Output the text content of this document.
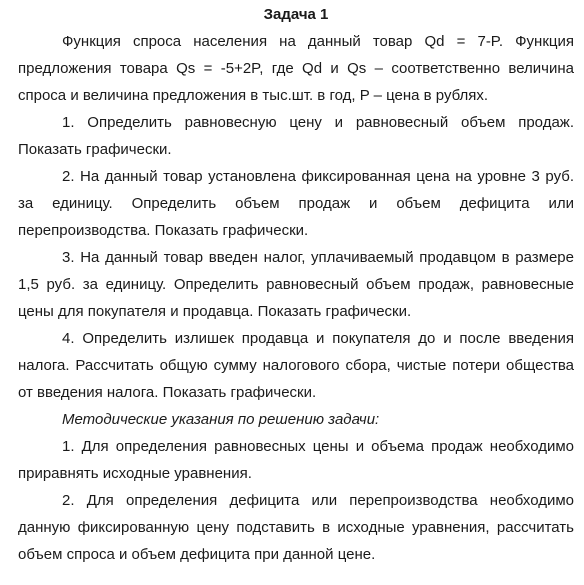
Задача 1

Функция спроса населения на данный товар Qd = 7-P. Функция предложения товара Qs = -5+2P, где Qd и Qs – соответственно величина спроса и величина предложения в тыс.шт. в год, P – цена в рублях.

1. Определить равновесную цену и равновесный объем продаж. Показать графически.

2. На данный товар установлена фиксированная цена на уровне 3 руб. за единицу. Определить объем продаж и объем дефицита или перепроизводства. Показать графически.

3. На данный товар введен налог, уплачиваемый продавцом в размере 1,5 руб. за единицу. Определить равновесный объем продаж, равновесные цены для покупателя и продавца. Показать графически.

4. Определить излишек продавца и покупателя до и после введения налога. Рассчитать общую сумму налогового сбора, чистые потери общества от введения налога. Показать графически.

Методические указания по решению задачи:

1. Для определения равновесных цены и объема продаж необходимо приравнять исходные уравнения.

2. Для определения дефицита или перепроизводства необходимо данную фиксированную цену подставить в исходные уравнения, рассчитать объем спроса и объем дефицита при данной цене.
